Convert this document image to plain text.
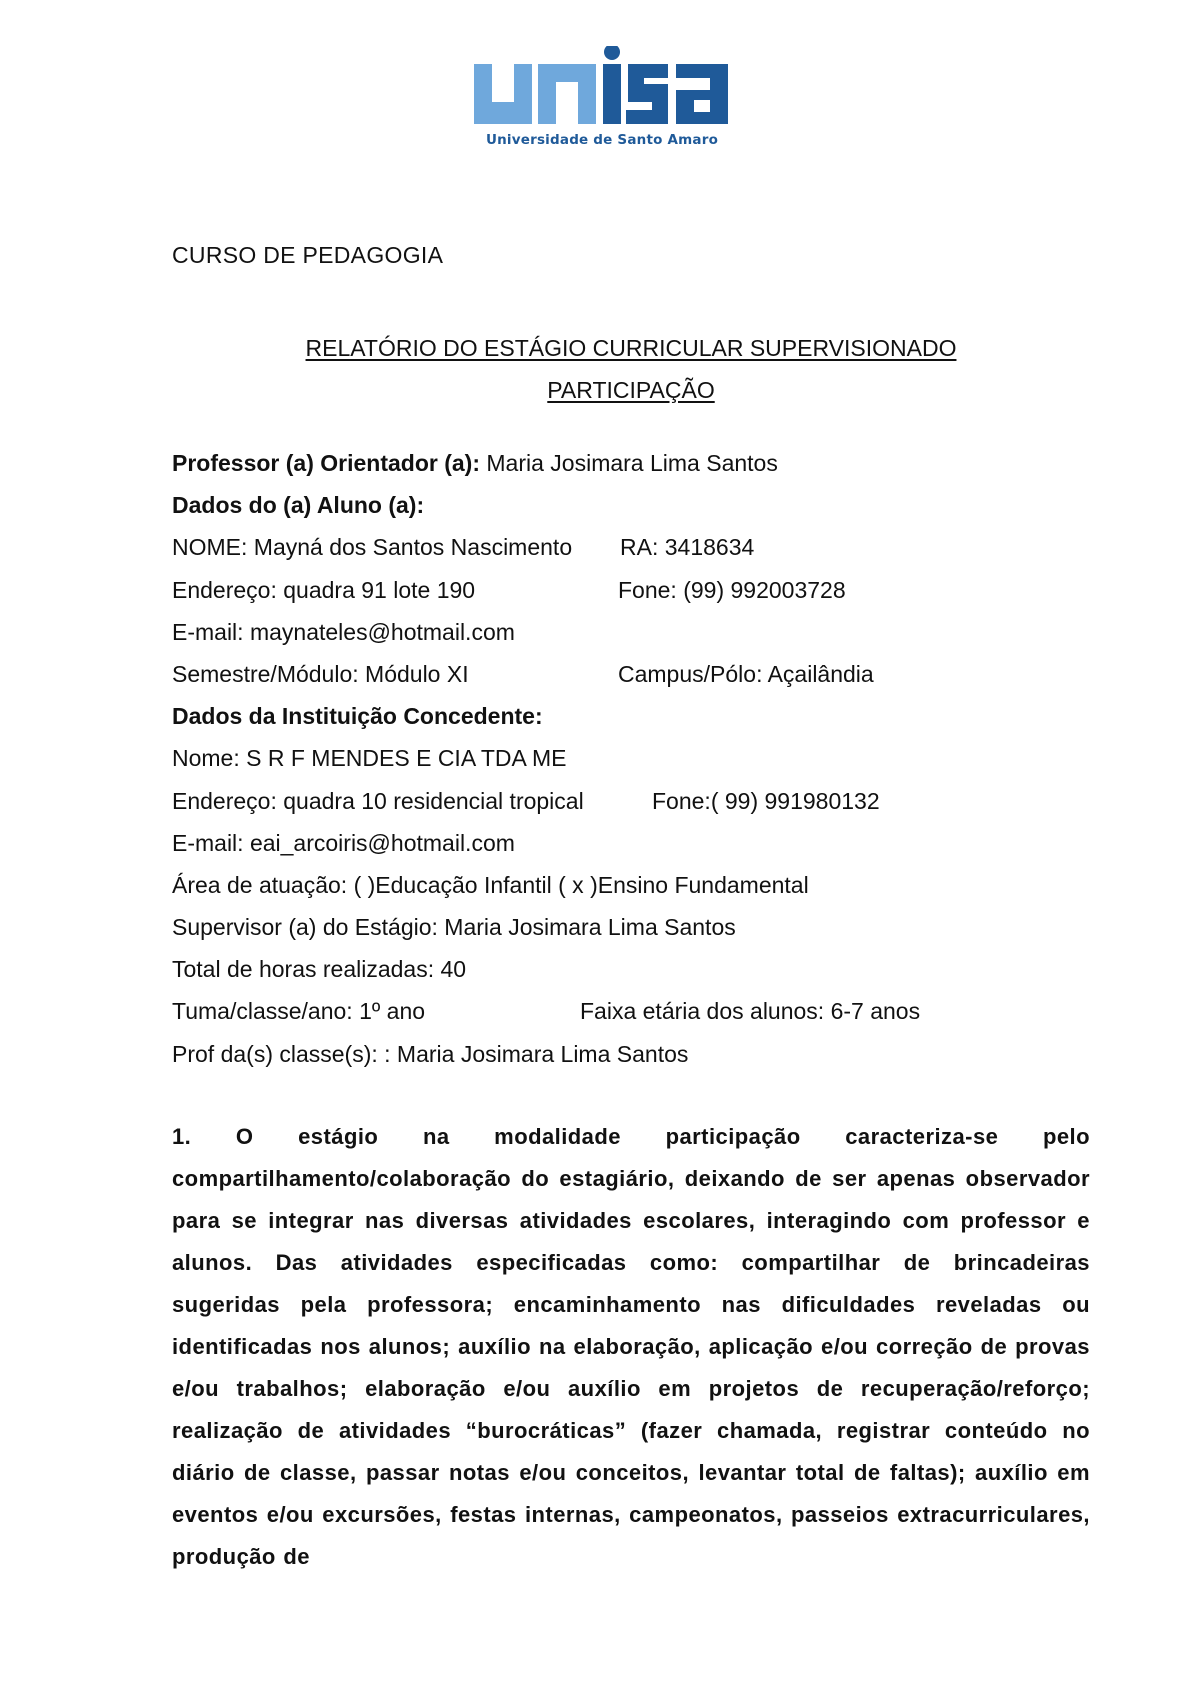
Universidade de Santo Amaro
CURSO DE PEDAGOGIA
RELATÓRIO DO ESTÁGIO CURRICULAR SUPERVISIONADO
PARTICIPAÇÃO
Professor (a) Orientador (a): Maria Josimara Lima Santos
Dados do (a) Aluno (a):
NOME: Mayná dos Santos Nascimento RA: 3418634
Endereço: quadra 91 lote 190	Fone: (99) 992003728
E-mail: maynateles@hotmail.com
Semestre/Módulo: Módulo XI	Campus/Pólo: Açailândia
Dados da Instituição Concedente:
Nome: S R F MENDES E CIA TDA ME
Endereço: quadra 10 residencial tropical	Fone:( 99) 991980132
E-mail: eai_arcoiris@hotmail.com
Área de atuação: ( )Educação Infantil ( x )Ensino Fundamental
Supervisor (a) do Estágio: Maria Josimara Lima Santos
Total de horas realizadas: 40
Tuma/classe/ano: 1º ano	Faixa etária dos alunos: 6-7 anos
Prof da(s) classe(s): : Maria Josimara Lima Santos
1. O estágio na modalidade participação caracteriza-se pelo compartilhamento/colaboração do estagiário, deixando de ser apenas observador para se integrar nas diversas atividades escolares, interagindo com professor e alunos. Das atividades especificadas como: compartilhar de brincadeiras sugeridas pela professora; encaminhamento nas dificuldades reveladas ou identificadas nos alunos; auxílio na elaboração, aplicação e/ou correção de provas e/ou trabalhos; elaboração e/ou auxílio em projetos de recuperação/reforço; realização de atividades “burocráticas” (fazer chamada, registrar conteúdo no diário de classe, passar notas e/ou conceitos, levantar total de faltas); auxílio em eventos e/ou excursões, festas internas, campeonatos, passeios extracurriculares, produção de
